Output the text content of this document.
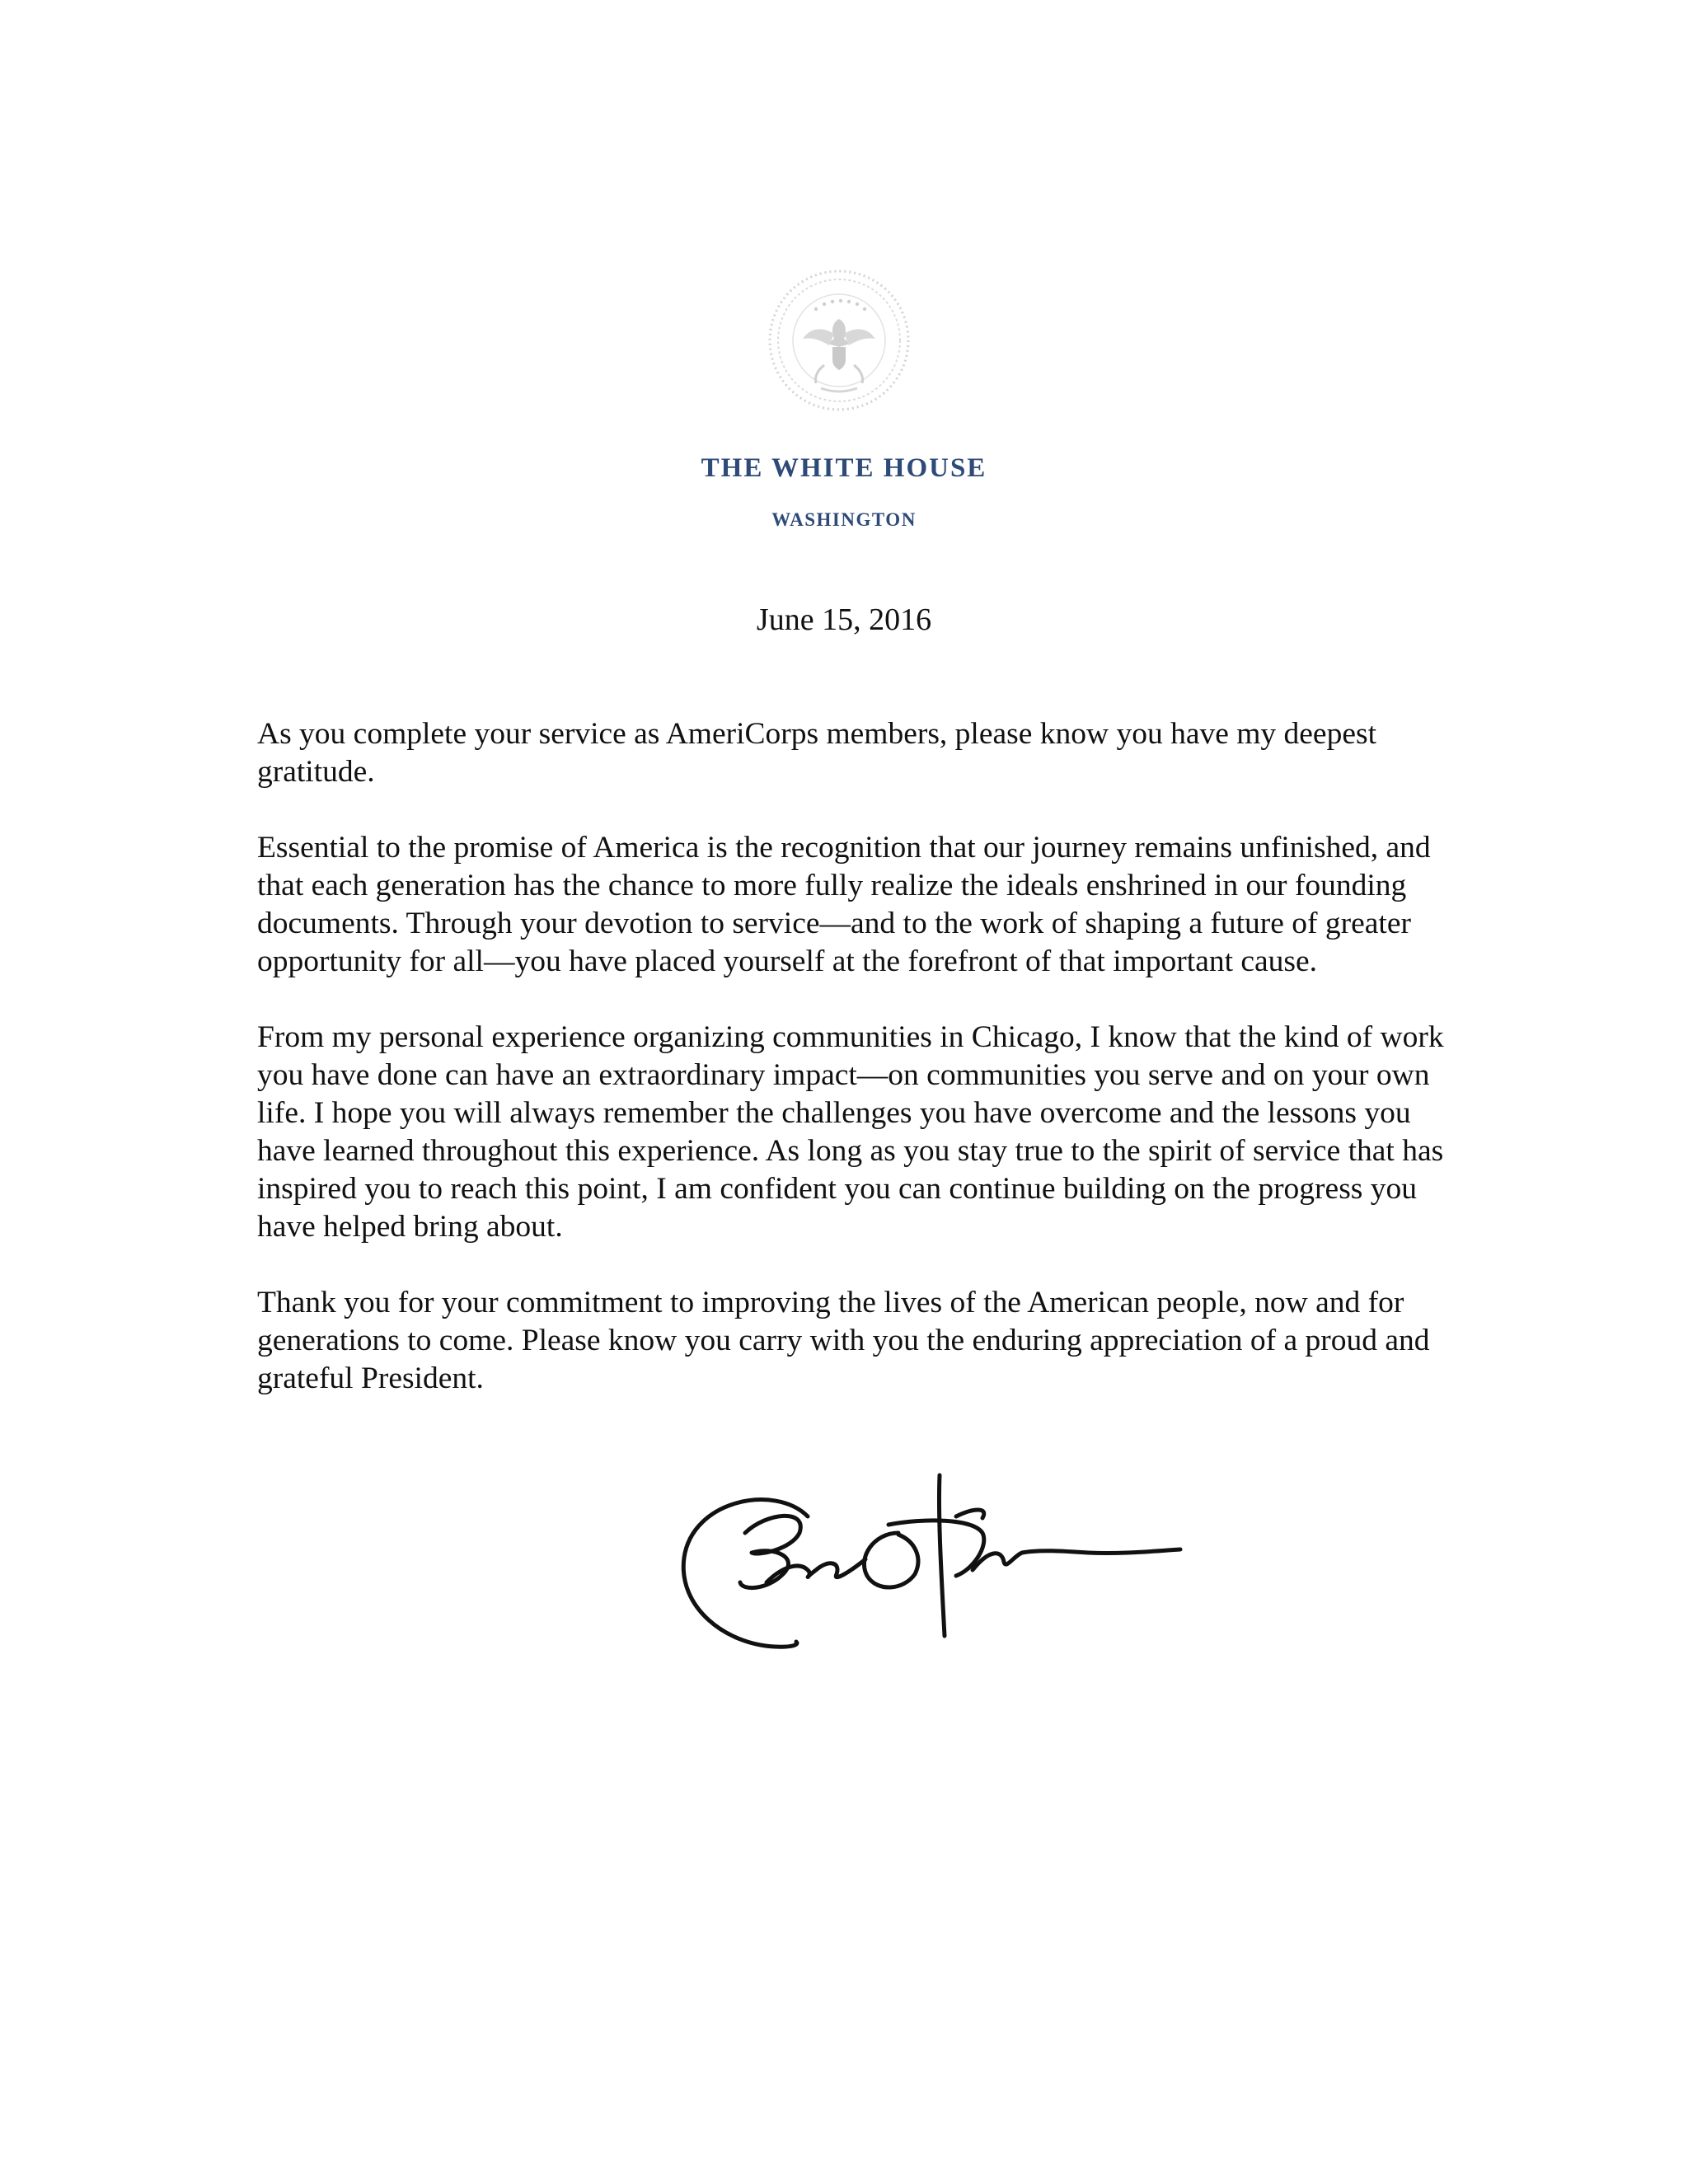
THE WHITE HOUSE
WASHINGTON
June 15, 2016

As you complete your service as AmeriCorps members, please know you have my deepest gratitude.

Essential to the promise of America is the recognition that our journey remains unfinished, and that each generation has the chance to more fully realize the ideals enshrined in our founding documents. Through your devotion to service—and to the work of shaping a future of greater opportunity for all—you have placed yourself at the forefront of that important cause.

From my personal experience organizing communities in Chicago, I know that the kind of work you have done can have an extraordinary impact—on communities you serve and on your own life. I hope you will always remember the challenges you have overcome and the lessons you have learned throughout this experience. As long as you stay true to the spirit of service that has inspired you to reach this point, I am confident you can continue building on the progress you have helped bring about.

Thank you for your commitment to improving the lives of the American people, now and for generations to come. Please know you carry with you the enduring appreciation of a proud and grateful President.
